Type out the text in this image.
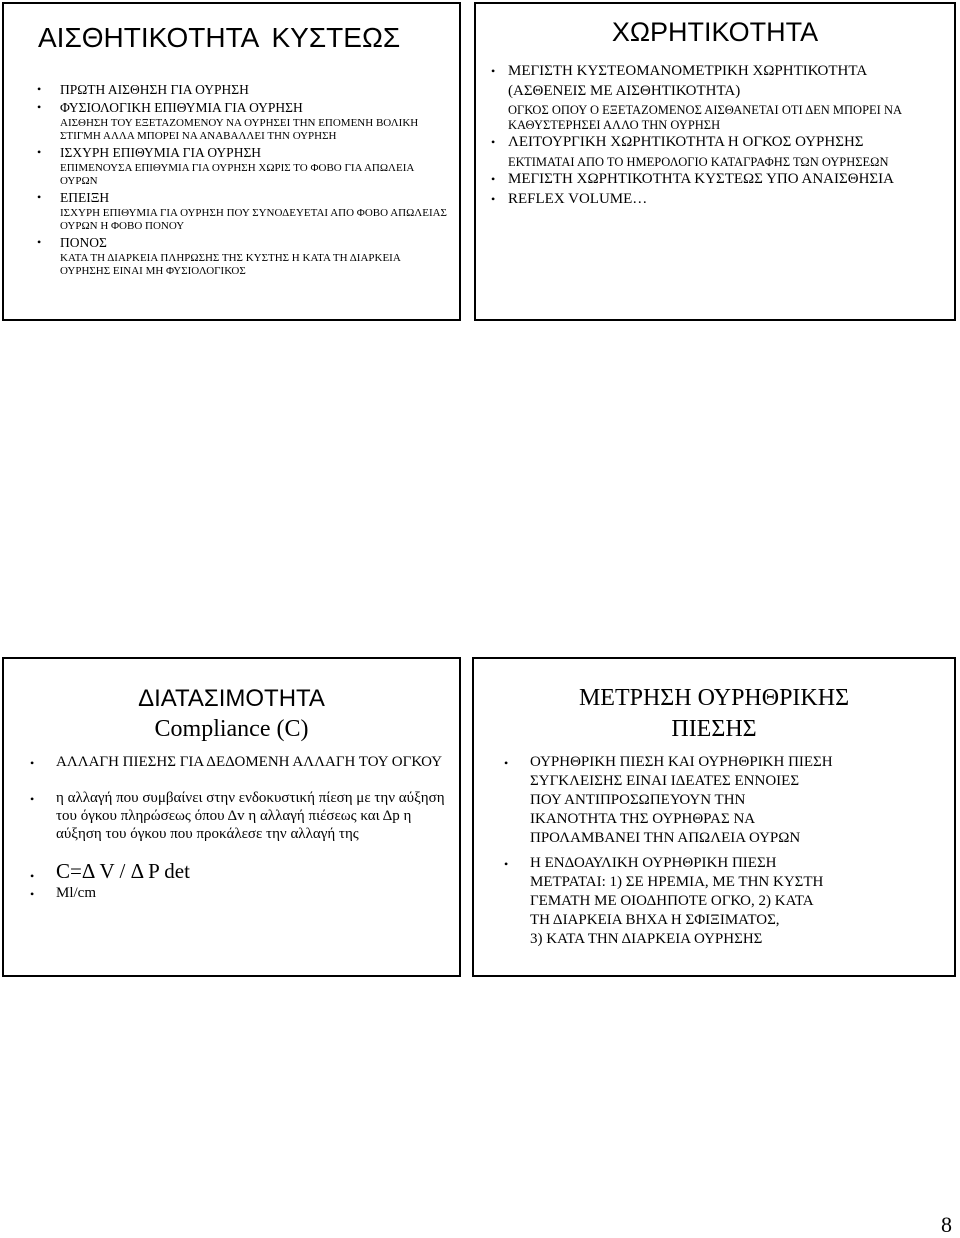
ΑΙΣΘΗΤΙΚΟΤΗΤΑ ΚΥΣΤΕΩΣ
• ΠΡΩΤΗ ΑΙΣΘΗΣΗ ΓΙΑ ΟΥΡΗΣΗ
• ΦΥΣΙΟΛΟΓΙΚΗ ΕΠΙΘΥΜΙΑ ΓΙΑ ΟΥΡΗΣΗ
ΑΙΣΘΗΣΗ ΤΟΥ ΕΞΕΤΑΖΟΜΕΝΟΥ ΝΑ ΟΥΡΗΣΕΙ ΤΗΝ ΕΠΟΜΕΝΗ ΒΟΛΙΚΗ ΣΤΙΓΜΗ ΑΛΛΑ ΜΠΟΡΕΙ ΝΑ ΑΝΑΒΑΛΛΕΙ ΤΗΝ ΟΥΡΗΣΗ
• ΙΣΧΥΡΗ ΕΠΙΘΥΜΙΑ ΓΙΑ ΟΥΡΗΣΗ
ΕΠΙΜΕΝΟΥΣΑ ΕΠΙΘΥΜΙΑ ΓΙΑ ΟΥΡΗΣΗ ΧΩΡΙΣ ΤΟ ΦΟΒΟ ΓΙΑ ΑΠΩΛΕΙΑ ΟΥΡΩΝ
• ΕΠΕΙΞΗ
ΙΣΧΥΡΗ ΕΠΙΘΥΜΙΑ ΓΙΑ ΟΥΡΗΣΗ ΠΟΥ ΣΥΝΟΔΕΥΕΤΑΙ ΑΠΟ ΦΟΒΟ ΑΠΩΛΕΙΑΣ ΟΥΡΩΝ Η ΦΟΒΟ ΠΟΝΟΥ
• ΠΟΝΟΣ
ΚΑΤΑ ΤΗ ΔΙΑΡΚΕΙΑ ΠΛΗΡΩΣΗΣ ΤΗΣ ΚΥΣΤΗΣ Η ΚΑΤΑ ΤΗ ΔΙΑΡΚΕΙΑ ΟΥΡΗΣΗΣ ΕΙΝΑΙ ΜΗ ΦΥΣΙΟΛΟΓΙΚΟΣ
ΧΩΡΗΤΙΚΟΤΗΤΑ
• ΜΕΓΙΣΤΗ ΚΥΣΤΕΟΜΑΝΟΜΕΤΡΙΚΗ ΧΩΡΗΤΙΚΟΤΗΤΑ
(ΑΣΘΕΝΕΙΣ ΜΕ ΑΙΣΘΗΤΙΚΟΤΗΤΑ)
ΟΓΚΟΣ ΟΠΟΥ Ο ΕΞΕΤΑΖΟΜΕΝΟΣ ΑΙΣΘΑΝΕΤΑΙ ΟΤΙ ΔΕΝ ΜΠΟΡΕΙ ΝΑ ΚΑΘΥΣΤΕΡΗΣΕΙ ΑΛΛΟ ΤΗΝ ΟΥΡΗΣΗ
• ΛΕΙΤΟΥΡΓΙΚΗ ΧΩΡΗΤΙΚΟΤΗΤΑ Η ΟΓΚΟΣ ΟΥΡΗΣΗΣ
ΕΚΤΙΜΑΤΑΙ ΑΠΟ ΤΟ ΗΜΕΡΟΛΟΓΙΟ ΚΑΤΑΓΡΑΦΗΣ ΤΩΝ ΟΥΡΗΣΕΩΝ
• ΜΕΓΙΣΤΗ ΧΩΡΗΤΙΚΟΤΗΤΑ ΚΥΣΤΕΩΣ ΥΠΟ ΑΝΑΙΣΘΗΣΙΑ
• REFLEX VOLUME…
ΔΙΑΤΑΣΙΜΟΤΗΤΑ
Compliance (C)
• ΑΛΛΑΓΗ ΠΙΕΣΗΣ ΓΙΑ ΔΕΔΟΜΕΝΗ ΑΛΛΑΓΗ ΤΟΥ ΟΓΚΟΥ
• η αλλαγή που συμβαίνει στην ενδοκυστική πίεση με την αύξηση του όγκου πληρώσεως όπου Δv η αλλαγή πιέσεως και Δp η αύξηση του όγκου που προκάλεσε την αλλαγή της
• C=Δ V / Δ P det
• Ml/cm
ΜΕΤΡΗΣΗ ΟΥΡΗΘΡΙΚΗΣ
ΠΙΕΣΗΣ
• ΟΥΡΗΘΡΙΚΗ ΠΙΕΣΗ ΚΑΙ ΟΥΡΗΘΡΙΚΗ ΠΙΕΣΗ
ΣΥΓΚΛΕΙΣΗΣ ΕΙΝΑΙ ΙΔΕΑΤΕΣ ΕΝΝΟΙΕΣ
ΠΟΥ ΑΝΤΙΠΡΟΣΩΠΕΥΟΥΝ ΤΗΝ
ΙΚΑΝΟΤΗΤΑ ΤΗΣ ΟΥΡΗΘΡΑΣ ΝΑ
ΠΡΟΛΑΜΒΑΝΕΙ ΤΗΝ ΑΠΩΛΕΙΑ ΟΥΡΩΝ
• Η ΕΝΔΟΑΥΛΙΚΗ ΟΥΡΗΘΡΙΚΗ ΠΙΕΣΗ
ΜΕΤΡΑΤΑΙ: 1) ΣΕ ΗΡΕΜΙΑ, ΜΕ ΤΗΝ ΚΥΣΤΗ
ΓΕΜΑΤΗ ΜΕ ΟΙΟΔΗΠΟΤΕ ΟΓΚΟ, 2) ΚΑΤΑ
ΤΗ ΔΙΑΡΚΕΙΑ ΒΗΧΑ Η ΣΦΙΞΙΜΑΤΟΣ,
3) ΚΑΤΑ ΤΗΝ ΔΙΑΡΚΕΙΑ ΟΥΡΗΣΗΣ
8
